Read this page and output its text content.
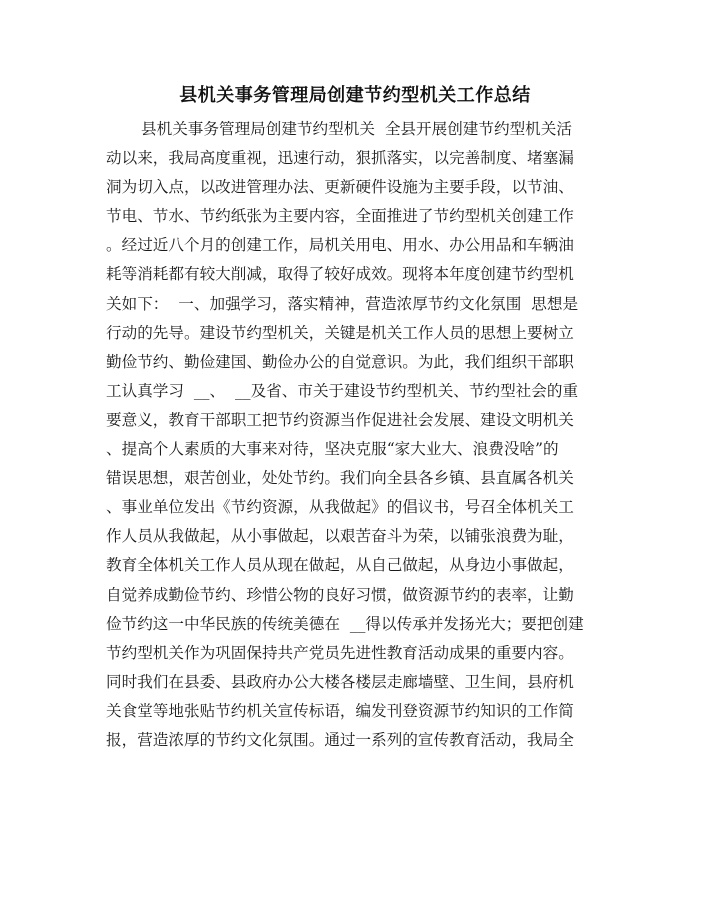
县机关事务管理局创建节约型机关工作总结
县机关事务管理局创建节约型机关  全县开展创建节约型机关活
动以来，我局高度重视，迅速行动，狠抓落实，以完善制度、堵塞漏
洞为切入点，以改进管理办法、更新硬件设施为主要手段，以节油、
节电、节水、节约纸张为主要内容，全面推进了节约型机关创建工作
。经过近八个月的创建工作，局机关用电、用水、办公用品和车辆油
耗等消耗都有较大削减，取得了较好成效。现将本年度创建节约型机
关如下：  一、加强学习，落实精神，营造浓厚节约文化氛围  思想是
行动的先导。建设节约型机关，关键是机关工作人员的思想上要树立
勤俭节约、勤俭建国、勤俭办公的自觉意识。为此，我们组织干部职
工认真学习  __、  __及省、市关于建设节约型机关、节约型社会的重
要意义，教育干部职工把节约资源当作促进社会发展、建设文明机关
、提高个人素质的大事来对待，坚决克服“家大业大、浪费没啥”的
错误思想，艰苦创业，处处节约。我们向全县各乡镇、县直属各机关
、事业单位发出《节约资源，从我做起》的倡议书，号召全体机关工
作人员从我做起，从小事做起，以艰苦奋斗为荣，以铺张浪费为耻，
教育全体机关工作人员从现在做起，从自己做起，从身边小事做起，
自觉养成勤俭节约、珍惜公物的良好习惯，做资源节约的表率，让勤
俭节约这一中华民族的传统美德在  __得以传承并发扬光大；要把创建
节约型机关作为巩固保持共产党员先进性教育活动成果的重要内容。
同时我们在县委、县政府办公大楼各楼层走廊墙壁、卫生间，县府机
关食堂等地张贴节约机关宣传标语，编发刊登资源节约知识的工作简
报，营造浓厚的节约文化氛围。通过一系列的宣传教育活动，我局全
